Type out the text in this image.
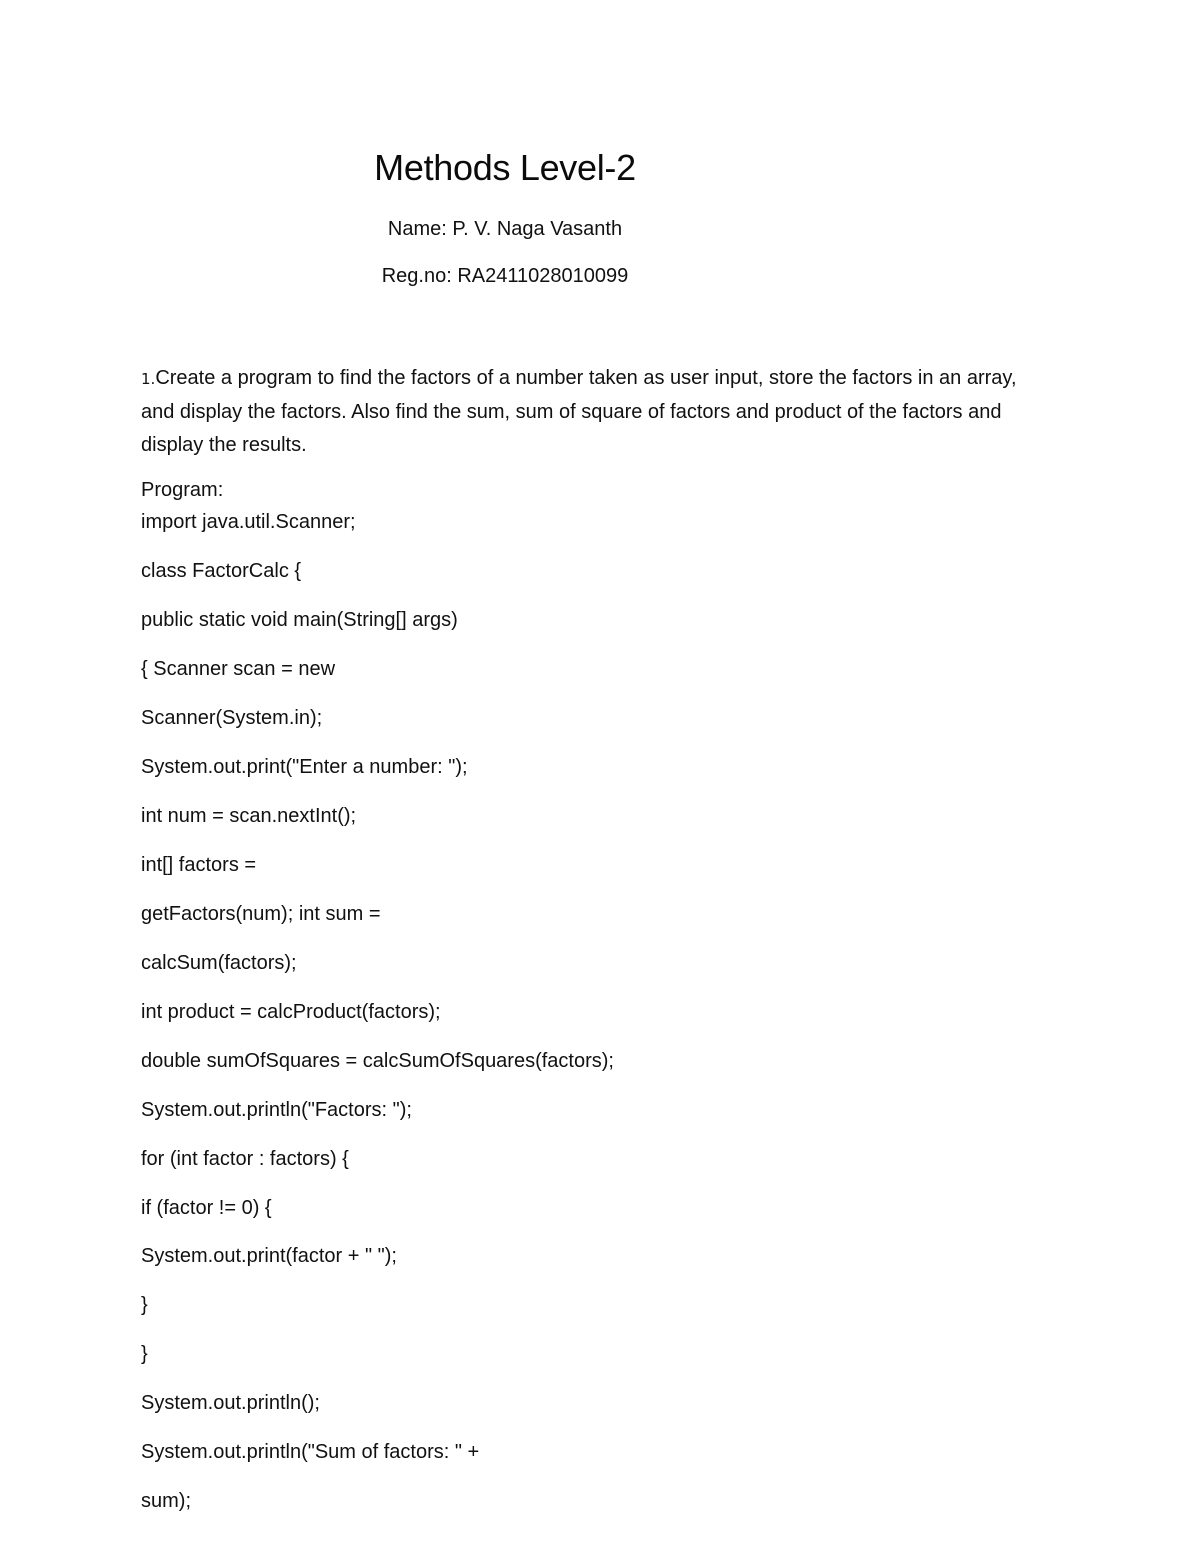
Methods Level-2
Name: P. V. Naga Vasanth
Reg.no: RA2411028010099
1.Create a program to find the factors of a number taken as user input, store the factors in an array, and display the factors. Also find the sum, sum of square of factors and product of the factors and display the results.
Program:
import java.util.Scanner;
class FactorCalc {
public static void main(String[] args)
{ Scanner scan = new
Scanner(System.in);
System.out.print("Enter a number: ");
int num = scan.nextInt();
int[] factors =
getFactors(num); int sum =
calcSum(factors);
int product = calcProduct(factors);
double sumOfSquares = calcSumOfSquares(factors);
System.out.println("Factors: ");
for (int factor : factors) {
if (factor != 0) {
System.out.print(factor + " ");
}
}
System.out.println();
System.out.println("Sum of factors: " +
sum);
